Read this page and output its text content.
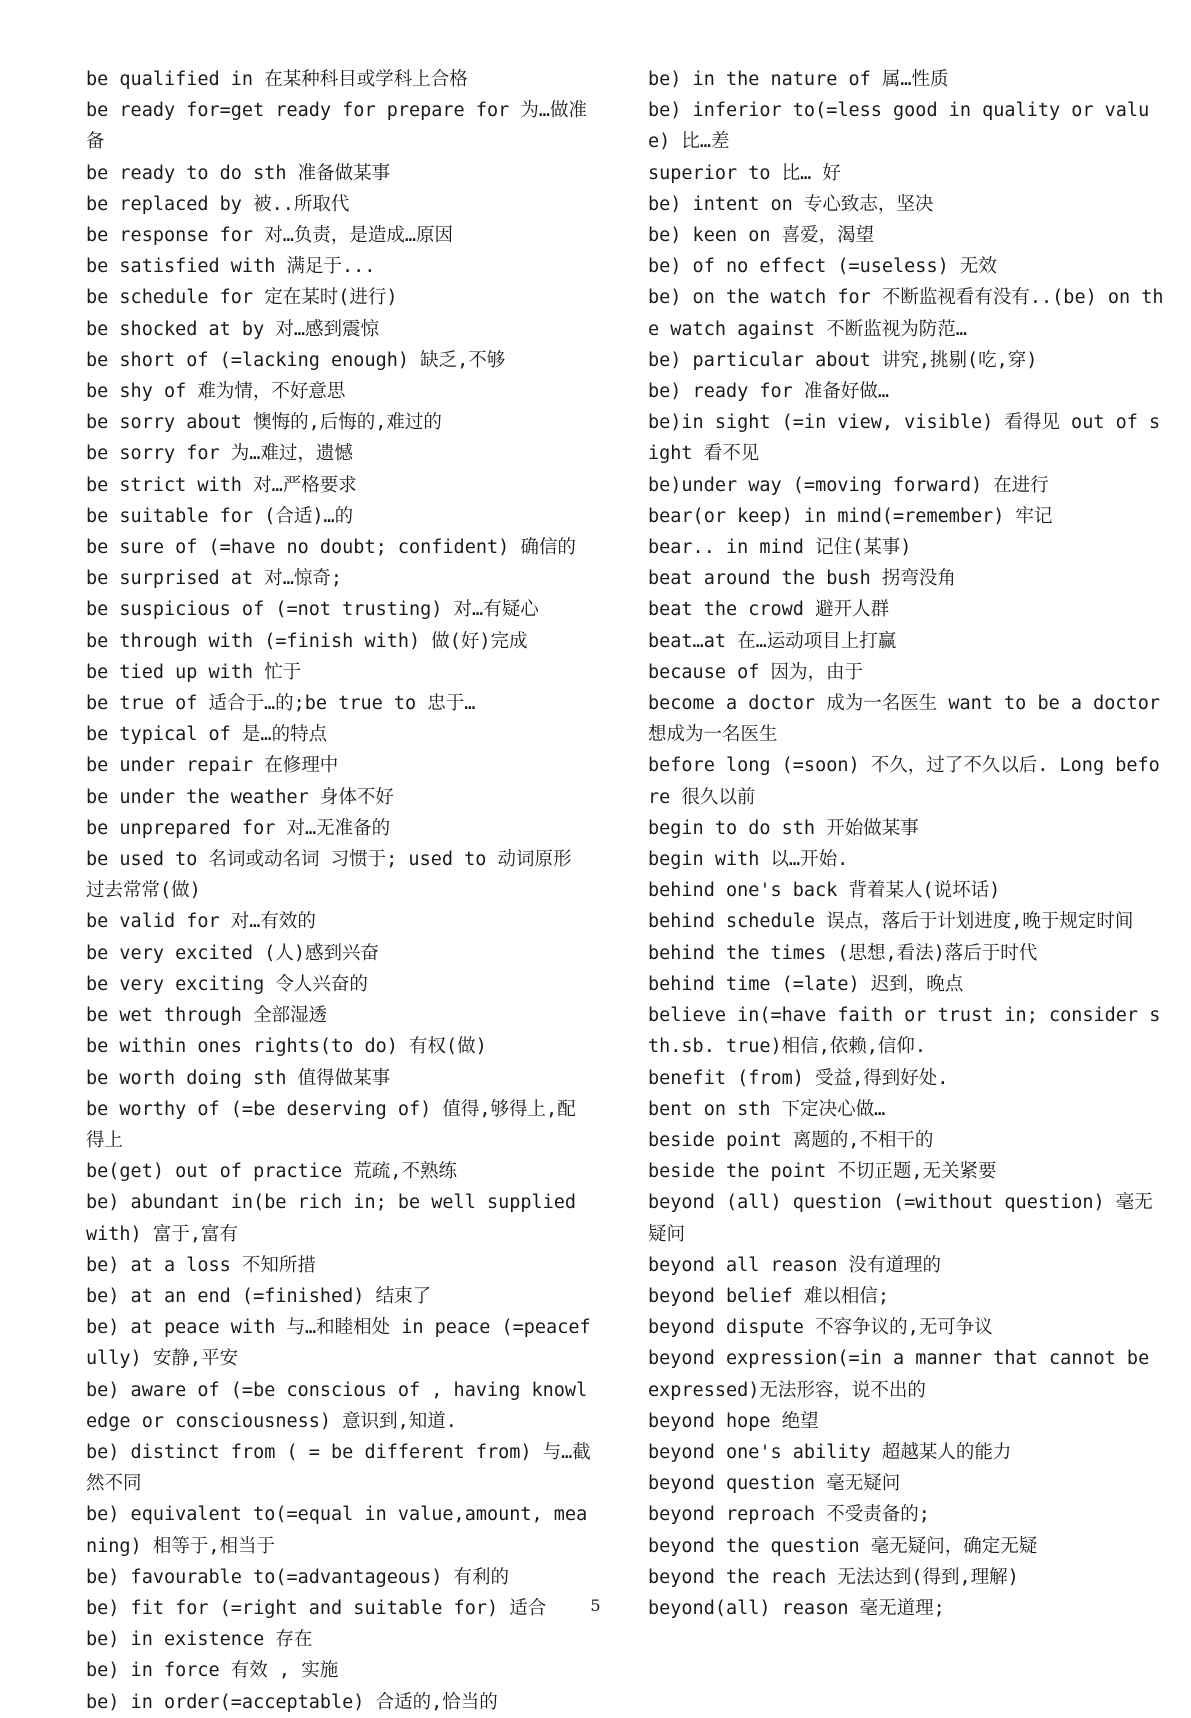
be qualified in 在某种科目或学科上合格

be ready for=get ready for prepare for 为…做准备

be ready to do sth 准备做某事

be replaced by 被..所取代

be response for 对…负责，是造成…原因

be satisfied with 满足于...

be schedule for 定在某时(进行)

be shocked at by 对…感到震惊

be short of (=lacking enough) 缺乏,不够

be shy of 难为情，不好意思

be sorry about 懊悔的,后悔的,难过的

be sorry for 为…难过，遗憾

be strict with 对…严格要求

be suitable for (合适)…的

be sure of (=have no doubt; confident) 确信的

be surprised at 对…惊奇;

be suspicious of (=not trusting) 对…有疑心

be through with (=finish with) 做(好)完成

be tied up with 忙于

be true of 适合于…的;be true to 忠于…

be typical of 是…的特点

be under repair 在修理中

be under the weather 身体不好

be unprepared for 对…无准备的

be used to 名词或动名词 习惯于; used to 动词原形 过去常常(做)

be valid for 对…有效的

be very excited (人)感到兴奋

be very exciting 令人兴奋的

be wet through 全部湿透

be within ones rights(to do) 有权(做)

be worth doing sth 值得做某事

be worthy of (=be deserving of) 值得,够得上,配得上

be(get) out of practice 荒疏,不熟练

be) abundant in(be rich in; be well supplied with) 富于,富有

be) at a loss 不知所措

be) at an end (=finished) 结束了

be) at peace with 与…和睦相处 in peace (=peacefully) 安静,平安

be) aware of (=be conscious of , having knowledge or consciousness) 意识到,知道.

be) distinct from ( = be different from) 与…截然不同

be) equivalent to(=equal in value,amount, meaning) 相等于,相当于

be) favourable to(=advantageous) 有利的

be) fit for (=right and suitable for) 适合

be) in existence 存在

be) in force 有效 , 实施

be) in order(=acceptable) 合适的,恰当的

be) in the nature of 属…性质

be) inferior to(=less good in quality or value) 比…差

superior to 比… 好

be) intent on 专心致志，坚决

be) keen on 喜爱，渴望

be) of no effect (=useless) 无效

be) on the watch for 不断监视看有没有..(be) on the watch against 不断监视为防范…

be) particular about 讲究,挑剔(吃,穿)

be) ready for 准备好做…

be)in sight (=in view, visible) 看得见 out of sight 看不见

be)under way (=moving forward) 在进行

bear(or keep) in mind(=remember) 牢记

bear.. in mind 记住(某事)

beat around the bush 拐弯没角

beat the crowd 避开人群

beat…at 在…运动项目上打赢

because of 因为，由于

become a doctor 成为一名医生 want to be a doctor 想成为一名医生

before long (=soon) 不久，过了不久以后. Long before 很久以前

begin to do sth 开始做某事

begin with 以…开始.

behind one's back 背着某人(说坏话)

behind schedule 误点，落后于计划进度,晚于规定时间

behind the times (思想,看法)落后于时代

behind time (=late) 迟到，晚点

believe in(=have faith or trust in; consider sth.sb. true)相信,依赖,信仰.

benefit (from) 受益,得到好处.

bent on sth 下定决心做…

beside point 离题的,不相干的

beside the point 不切正题,无关紧要

beyond (all) question (=without question) 毫无疑问

beyond all reason 没有道理的

beyond belief 难以相信;

beyond dispute 不容争议的,无可争议

beyond expression(=in a manner that cannot be expressed)无法形容，说不出的

beyond hope 绝望

beyond one's ability 超越某人的能力

beyond question 毫无疑问

beyond reproach 不受责备的;

beyond the question 毫无疑问，确定无疑

beyond the reach 无法达到(得到,理解)

beyond(all) reason 毫无道理;

5
